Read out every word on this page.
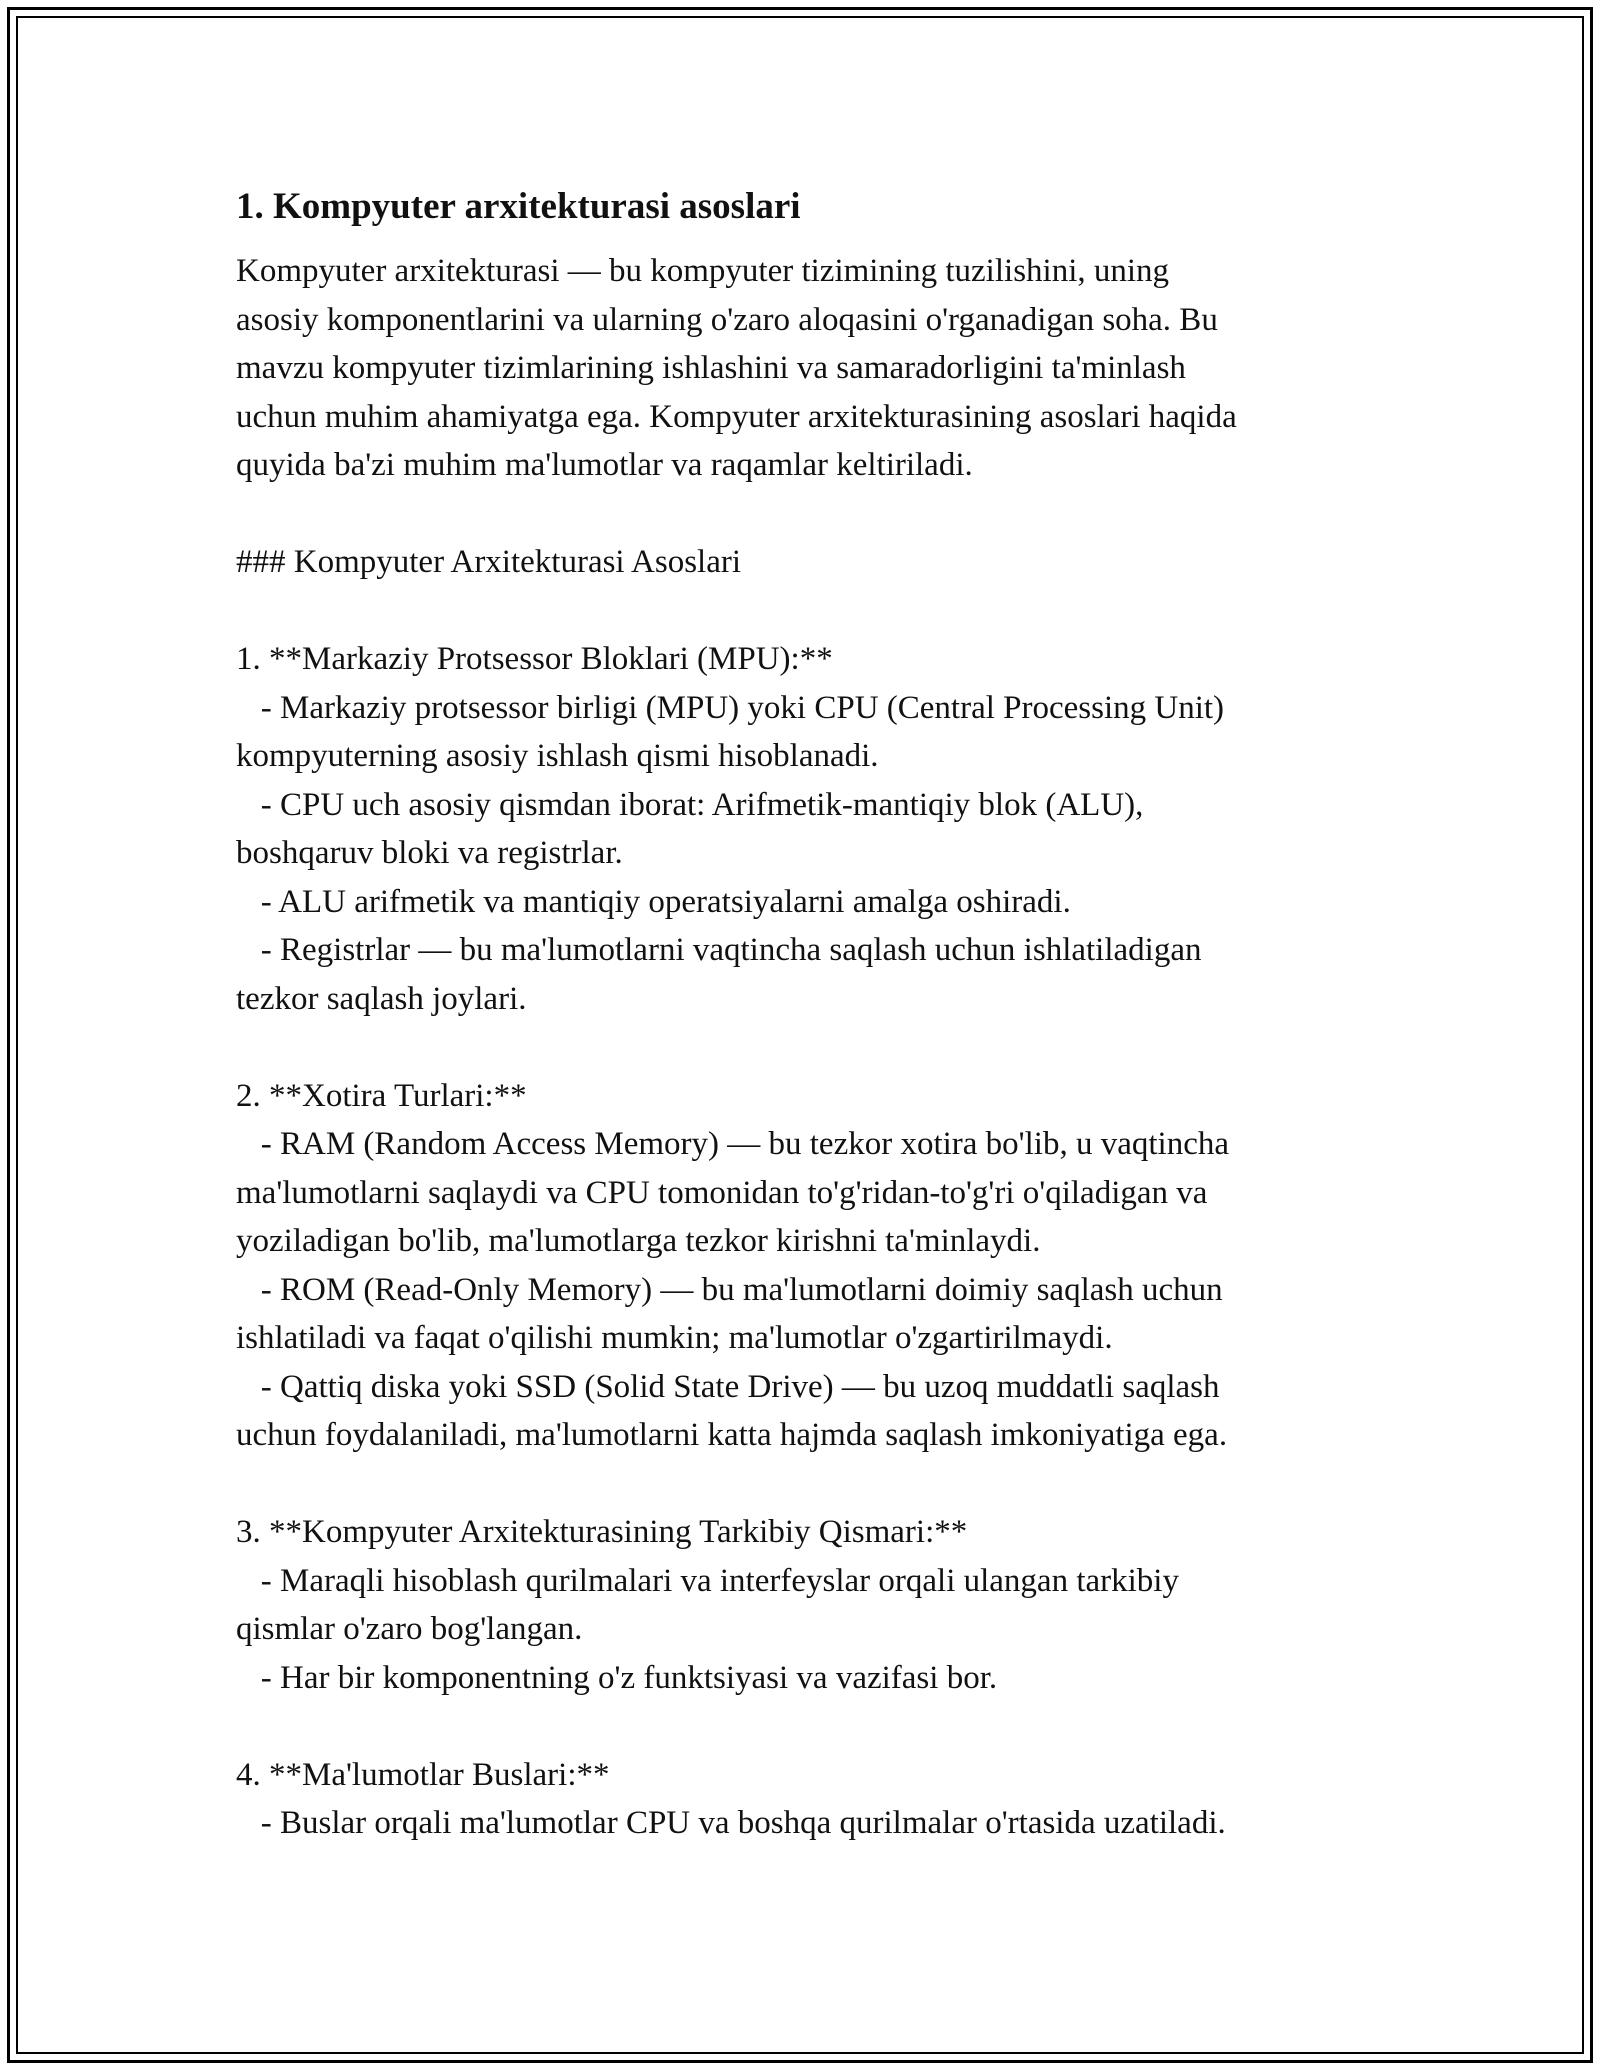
1. Kompyuter arxitekturasi asoslari
Kompyuter arxitekturasi — bu kompyuter tizimining tuzilishini, uning
asosiy komponentlarini va ularning o'zaro aloqasini o'rganadigan soha. Bu
mavzu kompyuter tizimlarining ishlashini va samaradorligini ta'minlash
uchun muhim ahamiyatga ega. Kompyuter arxitekturasining asoslari haqida
quyida ba'zi muhim ma'lumotlar va raqamlar keltiriladi.
### Kompyuter Arxitekturasi Asoslari
1. **Markaziy Protsessor Bloklari (MPU):**
- Markaziy protsessor birligi (MPU) yoki CPU (Central Processing Unit)
kompyuterning asosiy ishlash qismi hisoblanadi.
- CPU uch asosiy qismdan iborat: Arifmetik-mantiqiy blok (ALU),
boshqaruv bloki va registrlar.
- ALU arifmetik va mantiqiy operatsiyalarni amalga oshiradi.
- Registrlar — bu ma'lumotlarni vaqtincha saqlash uchun ishlatiladigan
tezkor saqlash joylari.
2. **Xotira Turlari:**
- RAM (Random Access Memory) — bu tezkor xotira bo'lib, u vaqtincha
ma'lumotlarni saqlaydi va CPU tomonidan to'g'ridan-to'g'ri o'qiladigan va
yoziladigan bo'lib, ma'lumotlarga tezkor kirishni ta'minlaydi.
- ROM (Read-Only Memory) — bu ma'lumotlarni doimiy saqlash uchun
ishlatiladi va faqat o'qilishi mumkin; ma'lumotlar o'zgartirilmaydi.
- Qattiq diska yoki SSD (Solid State Drive) — bu uzoq muddatli saqlash
uchun foydalaniladi, ma'lumotlarni katta hajmda saqlash imkoniyatiga ega.
3. **Kompyuter Arxitekturasining Tarkibiy Qismari:**
- Maraqli hisoblash qurilmalari va interfeyslar orqali ulangan tarkibiy
qismlar o'zaro bog'langan.
- Har bir komponentning o'z funktsiyasi va vazifasi bor.
4. **Ma'lumotlar Buslari:**
- Buslar orqali ma'lumotlar CPU va boshqa qurilmalar o'rtasida uzatiladi.
